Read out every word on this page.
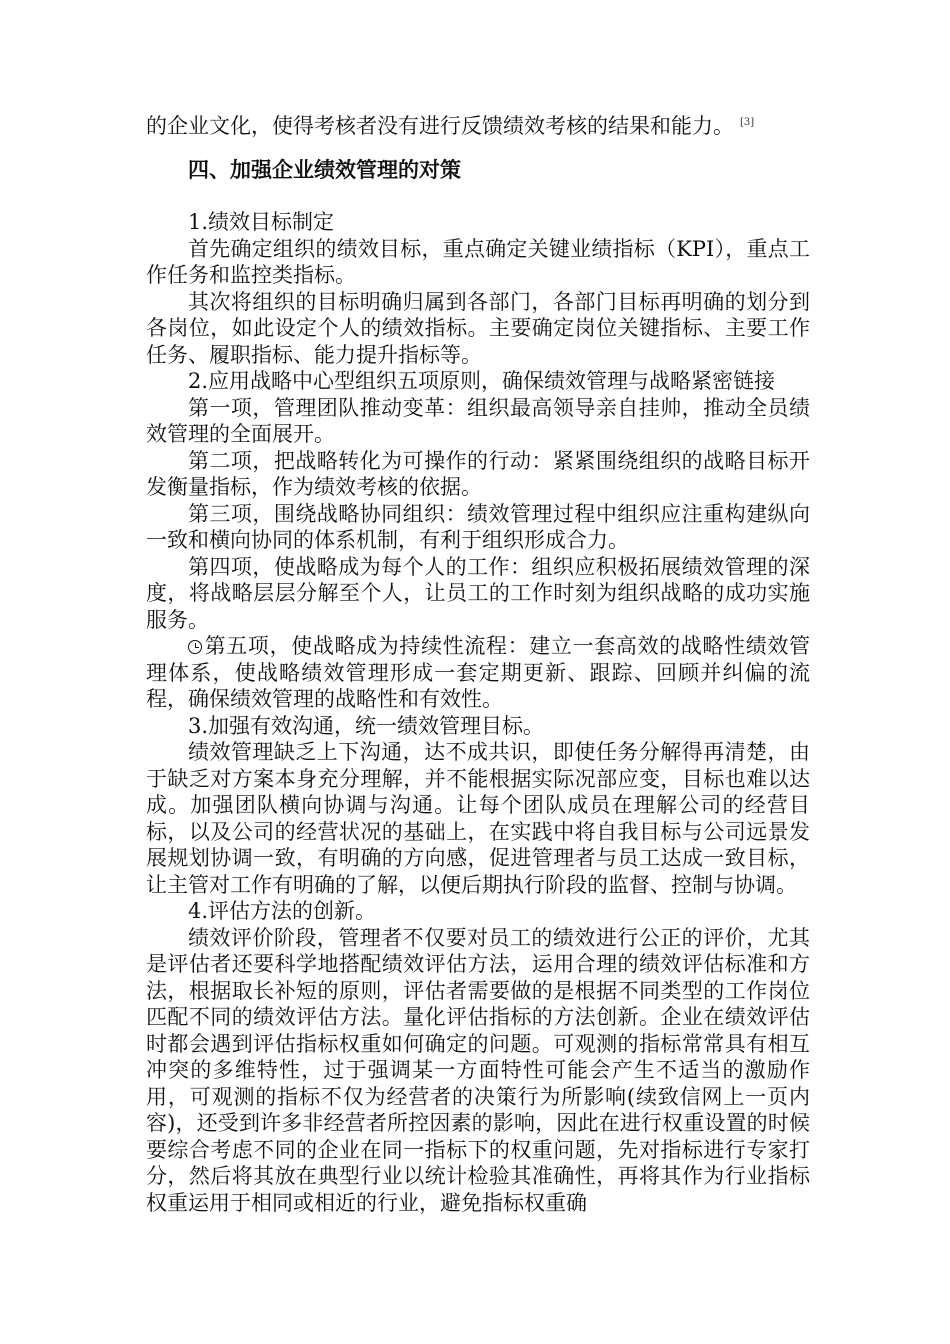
的企业文化，使得考核者没有进行反馈绩效考核的结果和能力。 [3]

四、加强企业绩效管理的对策

1.绩效目标制定

首先确定组织的绩效目标，重点确定关键业绩指标（KPI），重点工作任务和监控类指标。

其次将组织的目标明确归属到各部门，各部门目标再明确的划分到各岗位，如此设定个人的绩效指标。主要确定岗位关键指标、主要工作任务、履职指标、能力提升指标等。

2.应用战略中心型组织五项原则，确保绩效管理与战略紧密链接

第一项，管理团队推动变革：组织最高领导亲自挂帅，推动全员绩效管理的全面展开。

第二项，把战略转化为可操作的行动：紧紧围绕组织的战略目标开发衡量指标，作为绩效考核的依据。

第三项，围绕战略协同组织：绩效管理过程中组织应注重构建纵向一致和横向协同的体系机制，有利于组织形成合力。

第四项，使战略成为每个人的工作：组织应积极拓展绩效管理的深度，将战略层层分解至个人，让员工的工作时刻为组织战略的成功实施服务。

第五项，使战略成为持续性流程：建立一套高效的战略性绩效管理体系，使战略绩效管理形成一套定期更新、跟踪、回顾并纠偏的流程，确保绩效管理的战略性和有效性。

3.加强有效沟通，统一绩效管理目标。

绩效管理缺乏上下沟通，达不成共识，即使任务分解得再清楚，由于缺乏对方案本身充分理解，并不能根据实际况部应变，目标也难以达成。加强团队横向协调与沟通。让每个团队成员在理解公司的经营目标，以及公司的经营状况的基础上，在实践中将自我目标与公司远景发展规划协调一致，有明确的方向感，促进管理者与员工达成一致目标，让主管对工作有明确的了解，以便后期执行阶段的监督、控制与协调。

4.评估方法的创新。

绩效评价阶段，管理者不仅要对员工的绩效进行公正的评价，尤其是评估者还要科学地搭配绩效评估方法，运用合理的绩效评估标准和方法，根据取长补短的原则，评估者需要做的是根据不同类型的工作岗位匹配不同的绩效评估方法。量化评估指标的方法创新。企业在绩效评估时都会遇到评估指标权重如何确定的问题。可观测的指标常常具有相互冲突的多维特性，过于强调某一方面特性可能会产生不适当的激励作用，可观测的指标不仅为经营者的决策行为所影响(续致信网上一页内容)，还受到许多非经营者所控因素的影响，因此在进行权重设置的时候要综合考虑不同的企业在同一指标下的权重问题，先对指标进行专家打分，然后将其放在典型行业以统计检验其准确性，再将其作为行业指标权重运用于相同或相近的行业，避免指标权重确
